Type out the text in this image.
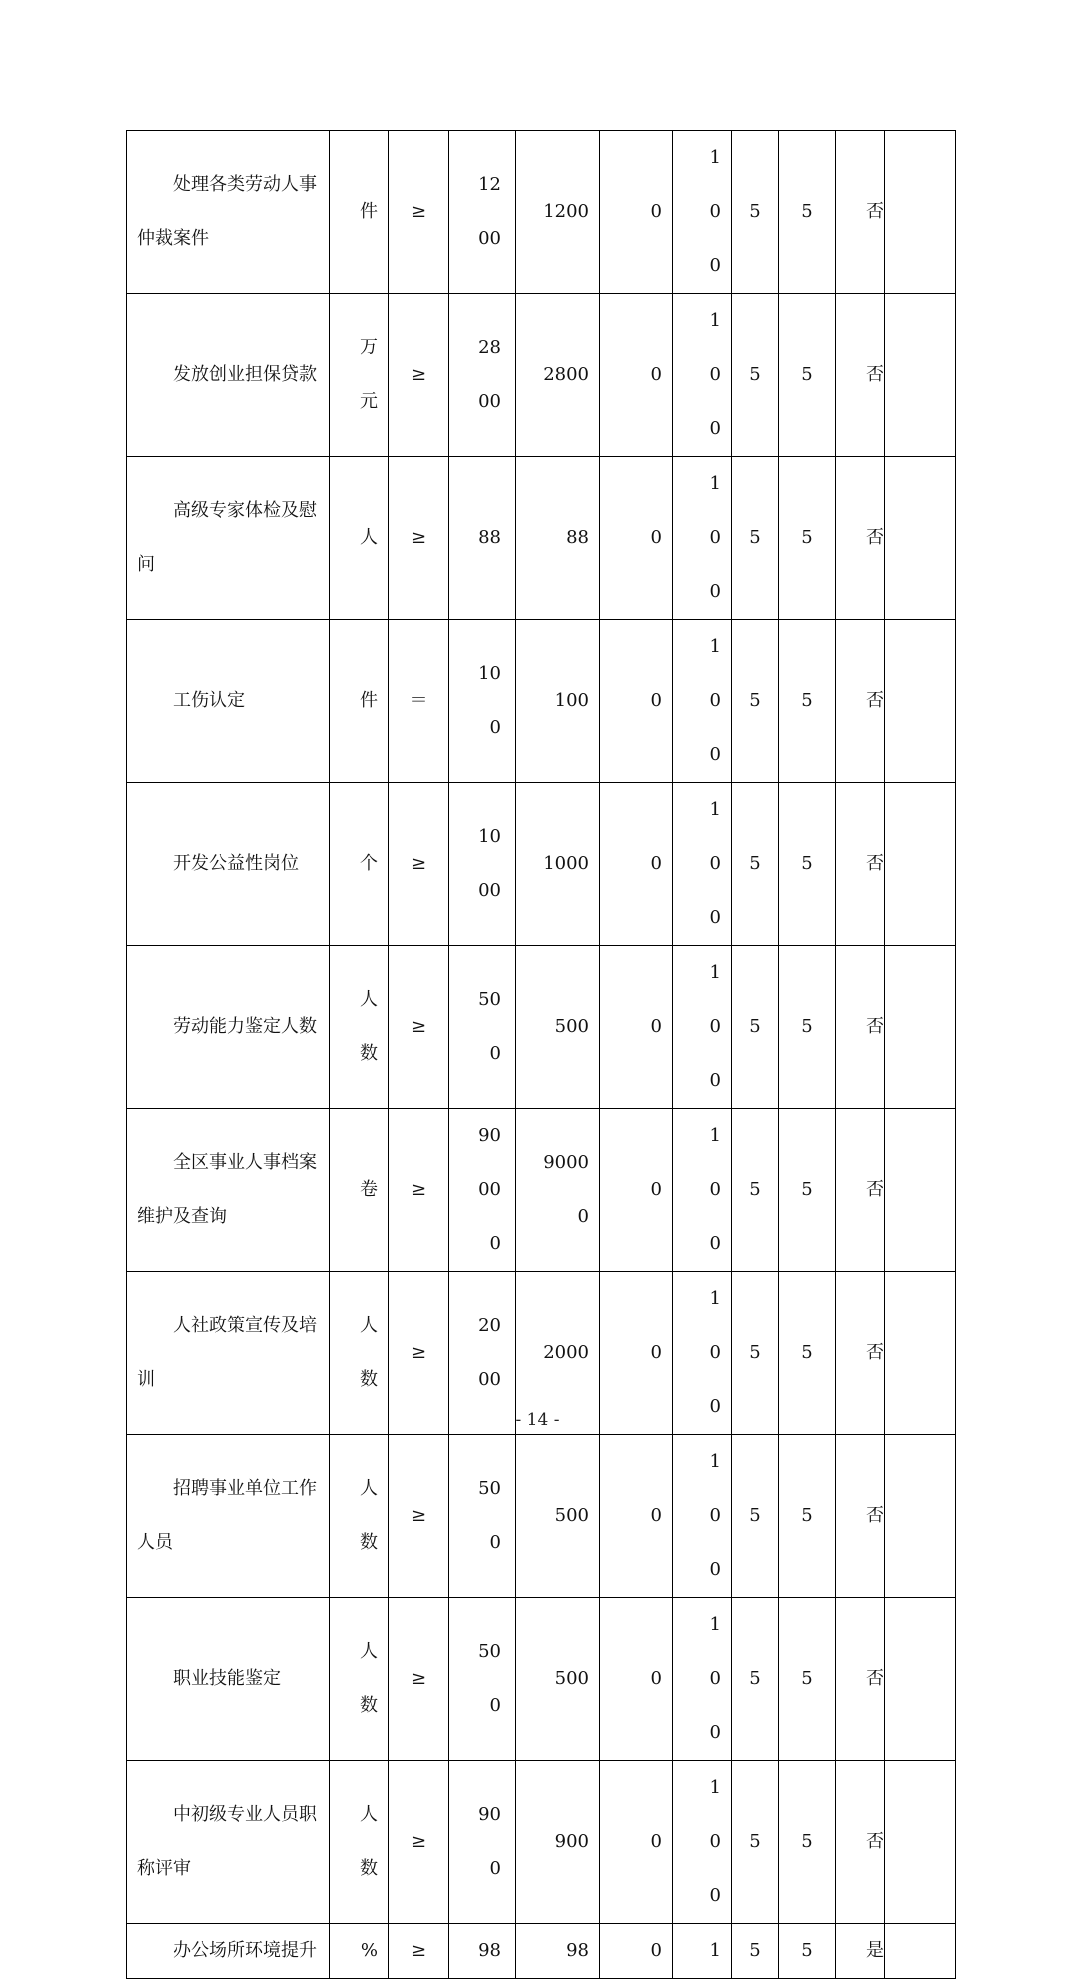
处理各类劳动人事仲裁案件	件	≥	1200	1200	0	100	5	5	否	
发放创业担保贷款	万元	≥	2800	2800	0	100	5	5	否	
高级专家体检及慰问	人	≥	88	88	0	100	5	5	否	
工伤认定	件	＝	100	100	0	100	5	5	否	
开发公益性岗位	个	≥	1000	1000	0	100	5	5	否	
劳动能力鉴定人数	人数	≥	500	500	0	100	5	5	否	
全区事业人事档案维护及查询	卷	≥	90000	90000	0	100	5	5	否	
人社政策宣传及培训	人数	≥	2000	2000	0	100	5	5	否	
招聘事业单位工作人员	人数	≥	500	500	0	100	5	5	否	
职业技能鉴定	人数	≥	500	500	0	100	5	5	否	
中初级专业人员职称评审	人数	≥	900	900	0	100	5	5	否	
办公场所环境提升	%	≥	98	98	0	1	5	5	是	
- 14 -
